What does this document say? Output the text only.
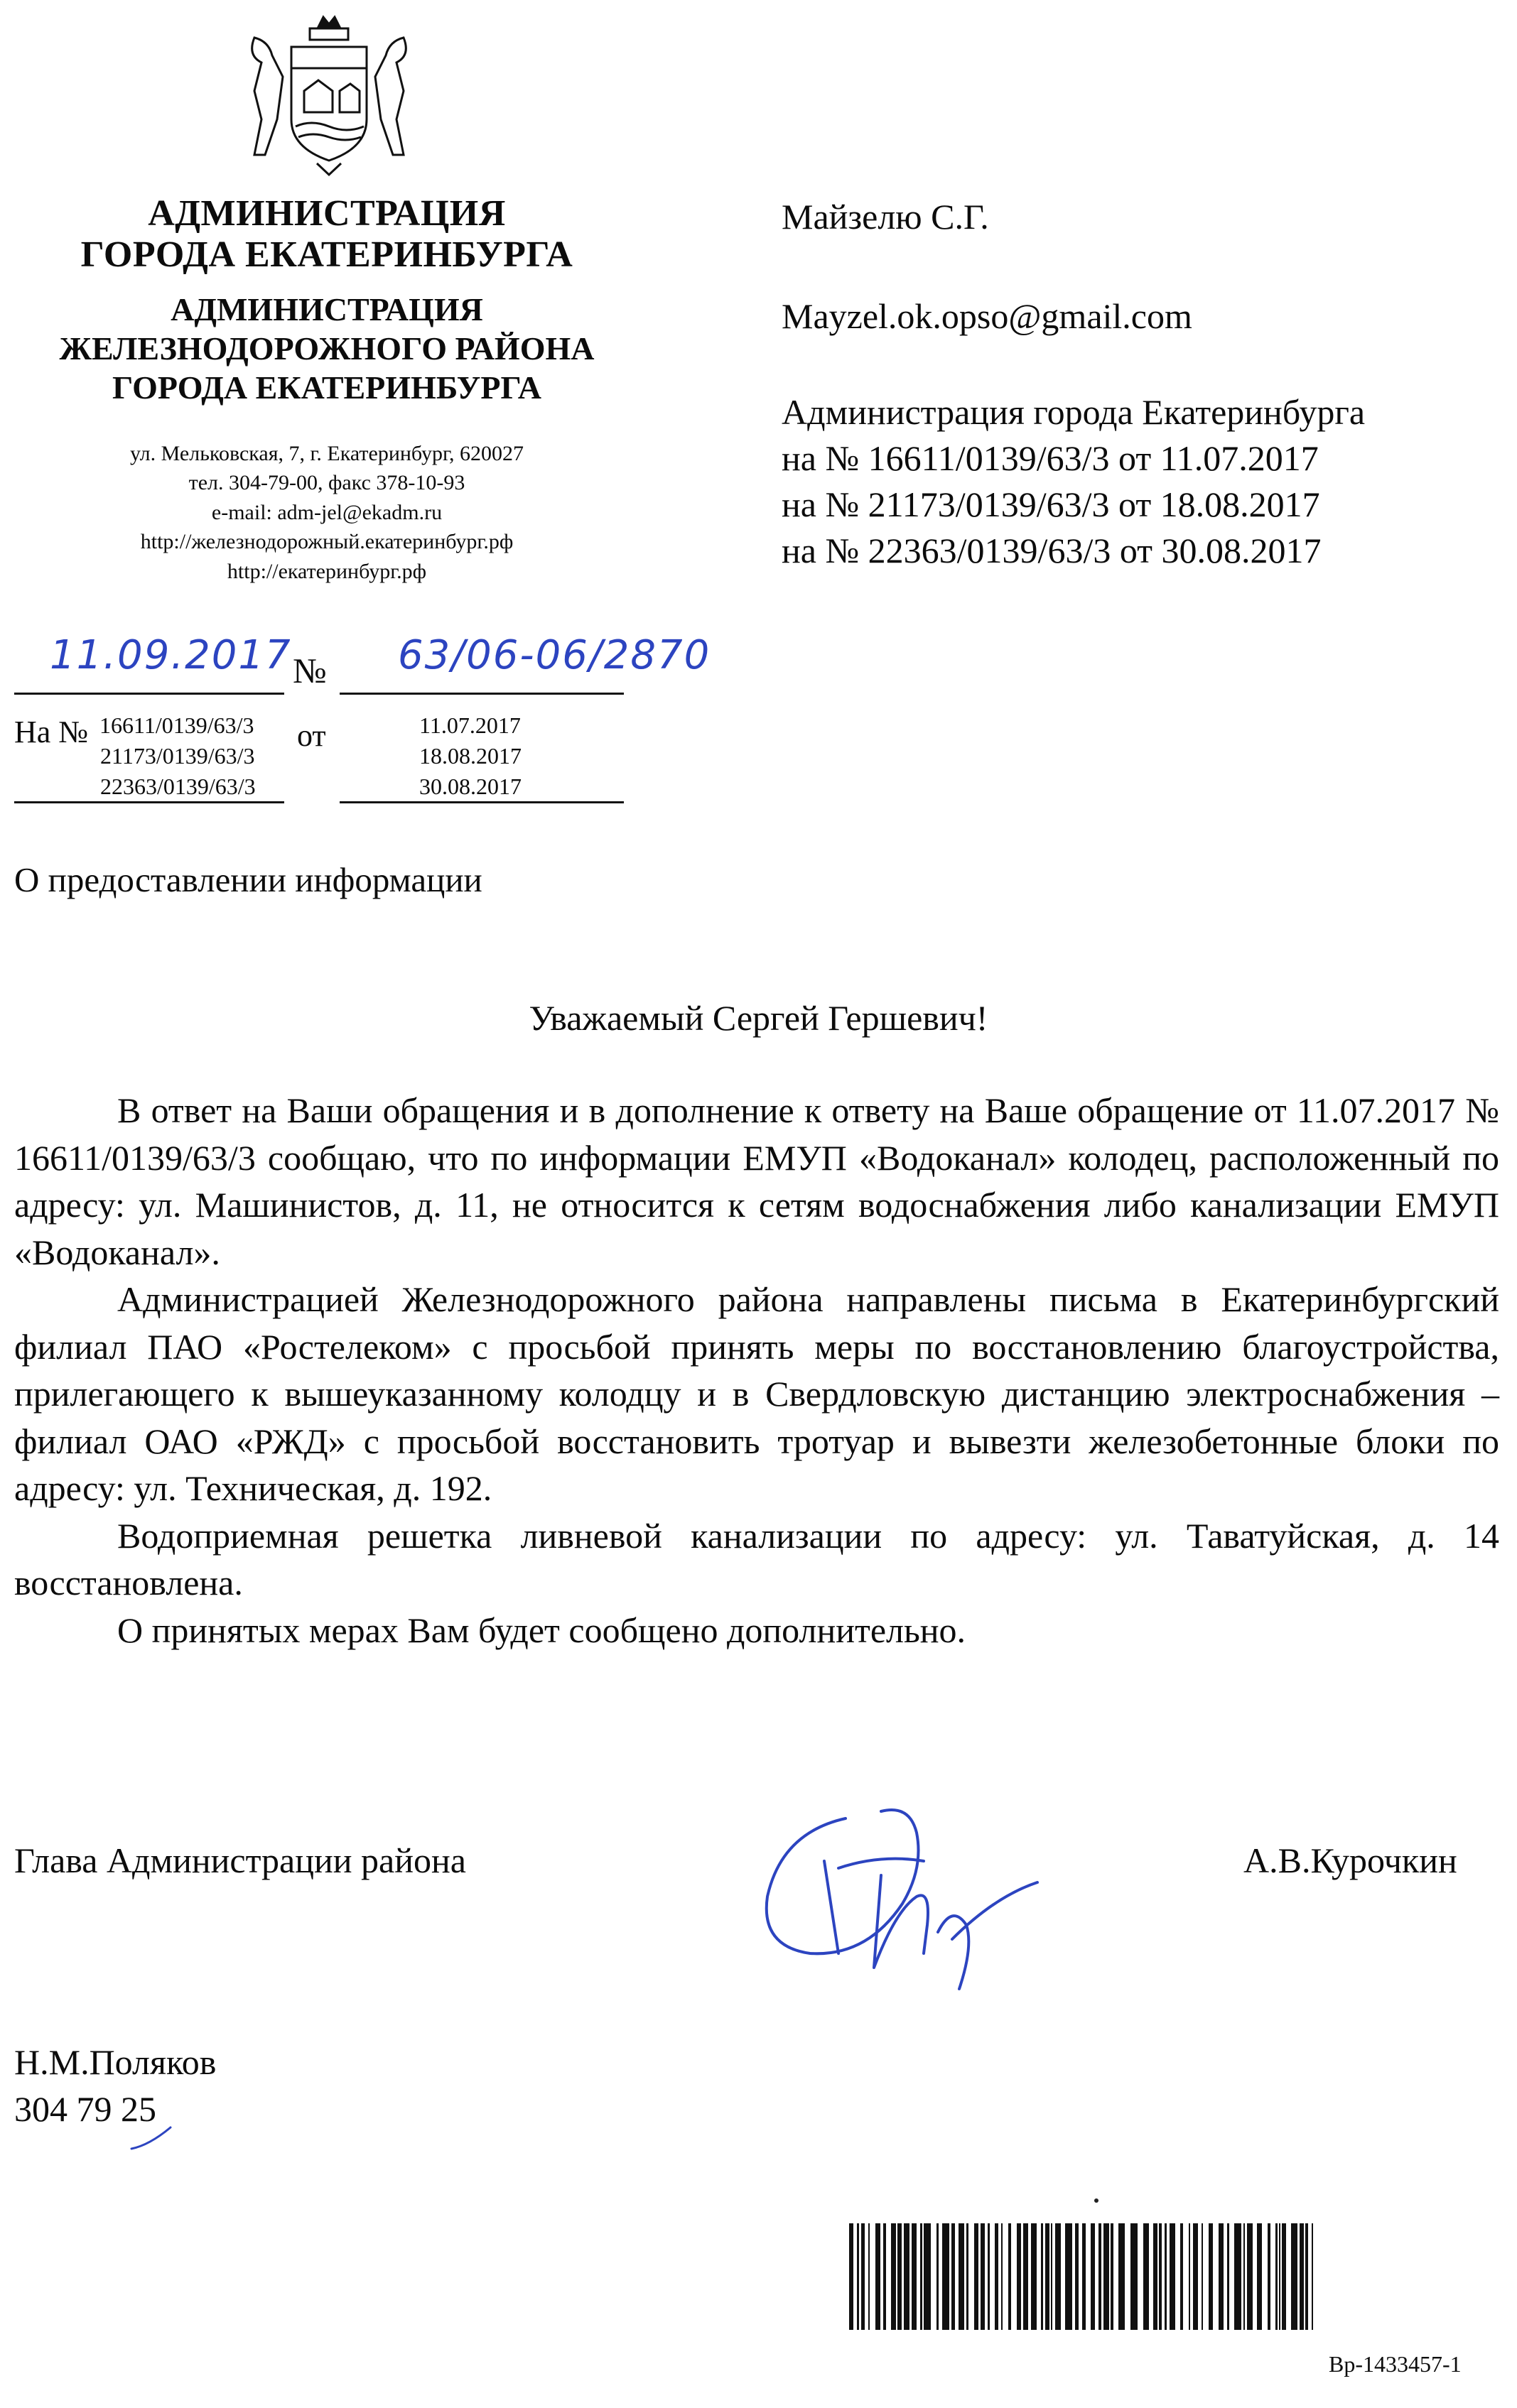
АДМИНИСТРАЦИЯ
ГОРОДА ЕКАТЕРИНБУРГА
АДМИНИСТРАЦИЯ
ЖЕЛЕЗНОДОРОЖНОГО РАЙОНА
ГОРОДА ЕКАТЕРИНБУРГА
ул. Мельковская, 7, г. Екатеринбург, 620027
тел. 304-79-00, факс 378-10-93
e-mail: adm-jel@ekadm.ru
http://железнодорожный.екатеринбург.рф
http://екатеринбург.рф
Майзелю С.Г.
Mayzel.ok.opso@gmail.com
Администрация города Екатеринбурга
на № 16611/0139/63/3 от 11.07.2017
на № 21173/0139/63/3 от 18.08.2017
на № 22363/0139/63/3 от 30.08.2017
11.09.2017 № 63/06-06/2870
На № 16611/0139/63/3
21173/0139/63/3
22363/0139/63/3
от	11.07.2017
18.08.2017
30.08.2017
О предоставлении информации
Уважаемый Сергей Гершевич!

В ответ на Ваши обращения и в дополнение к ответу на Ваше обращение от 11.07.2017 № 16611/0139/63/3 сообщаю, что по информации ЕМУП «Водоканал» колодец, расположенный по адресу: ул. Машинистов, д. 11, не относится к сетям водоснабжения либо канализации ЕМУП «Водоканал».

Администрацией Железнодорожного района направлены письма в Екатеринбургский филиал ПАО «Ростелеком» с просьбой принять меры по восстановлению благоустройства, прилегающего к вышеуказанному колодцу и в Свердловскую дистанцию электроснабжения – филиал ОАО «РЖД» с просьбой восстановить тротуар и вывезти железобетонные блоки по адресу: ул. Техническая, д. 192.

Водоприемная решетка ливневой канализации по адресу: ул. Таватуйская, д. 14 восстановлена.

О принятых мерах Вам будет сообщено дополнительно.

Глава Администрации района	А.В.Курочкин
Н.М.Поляков
304 79 25
Вр-1433457-1
